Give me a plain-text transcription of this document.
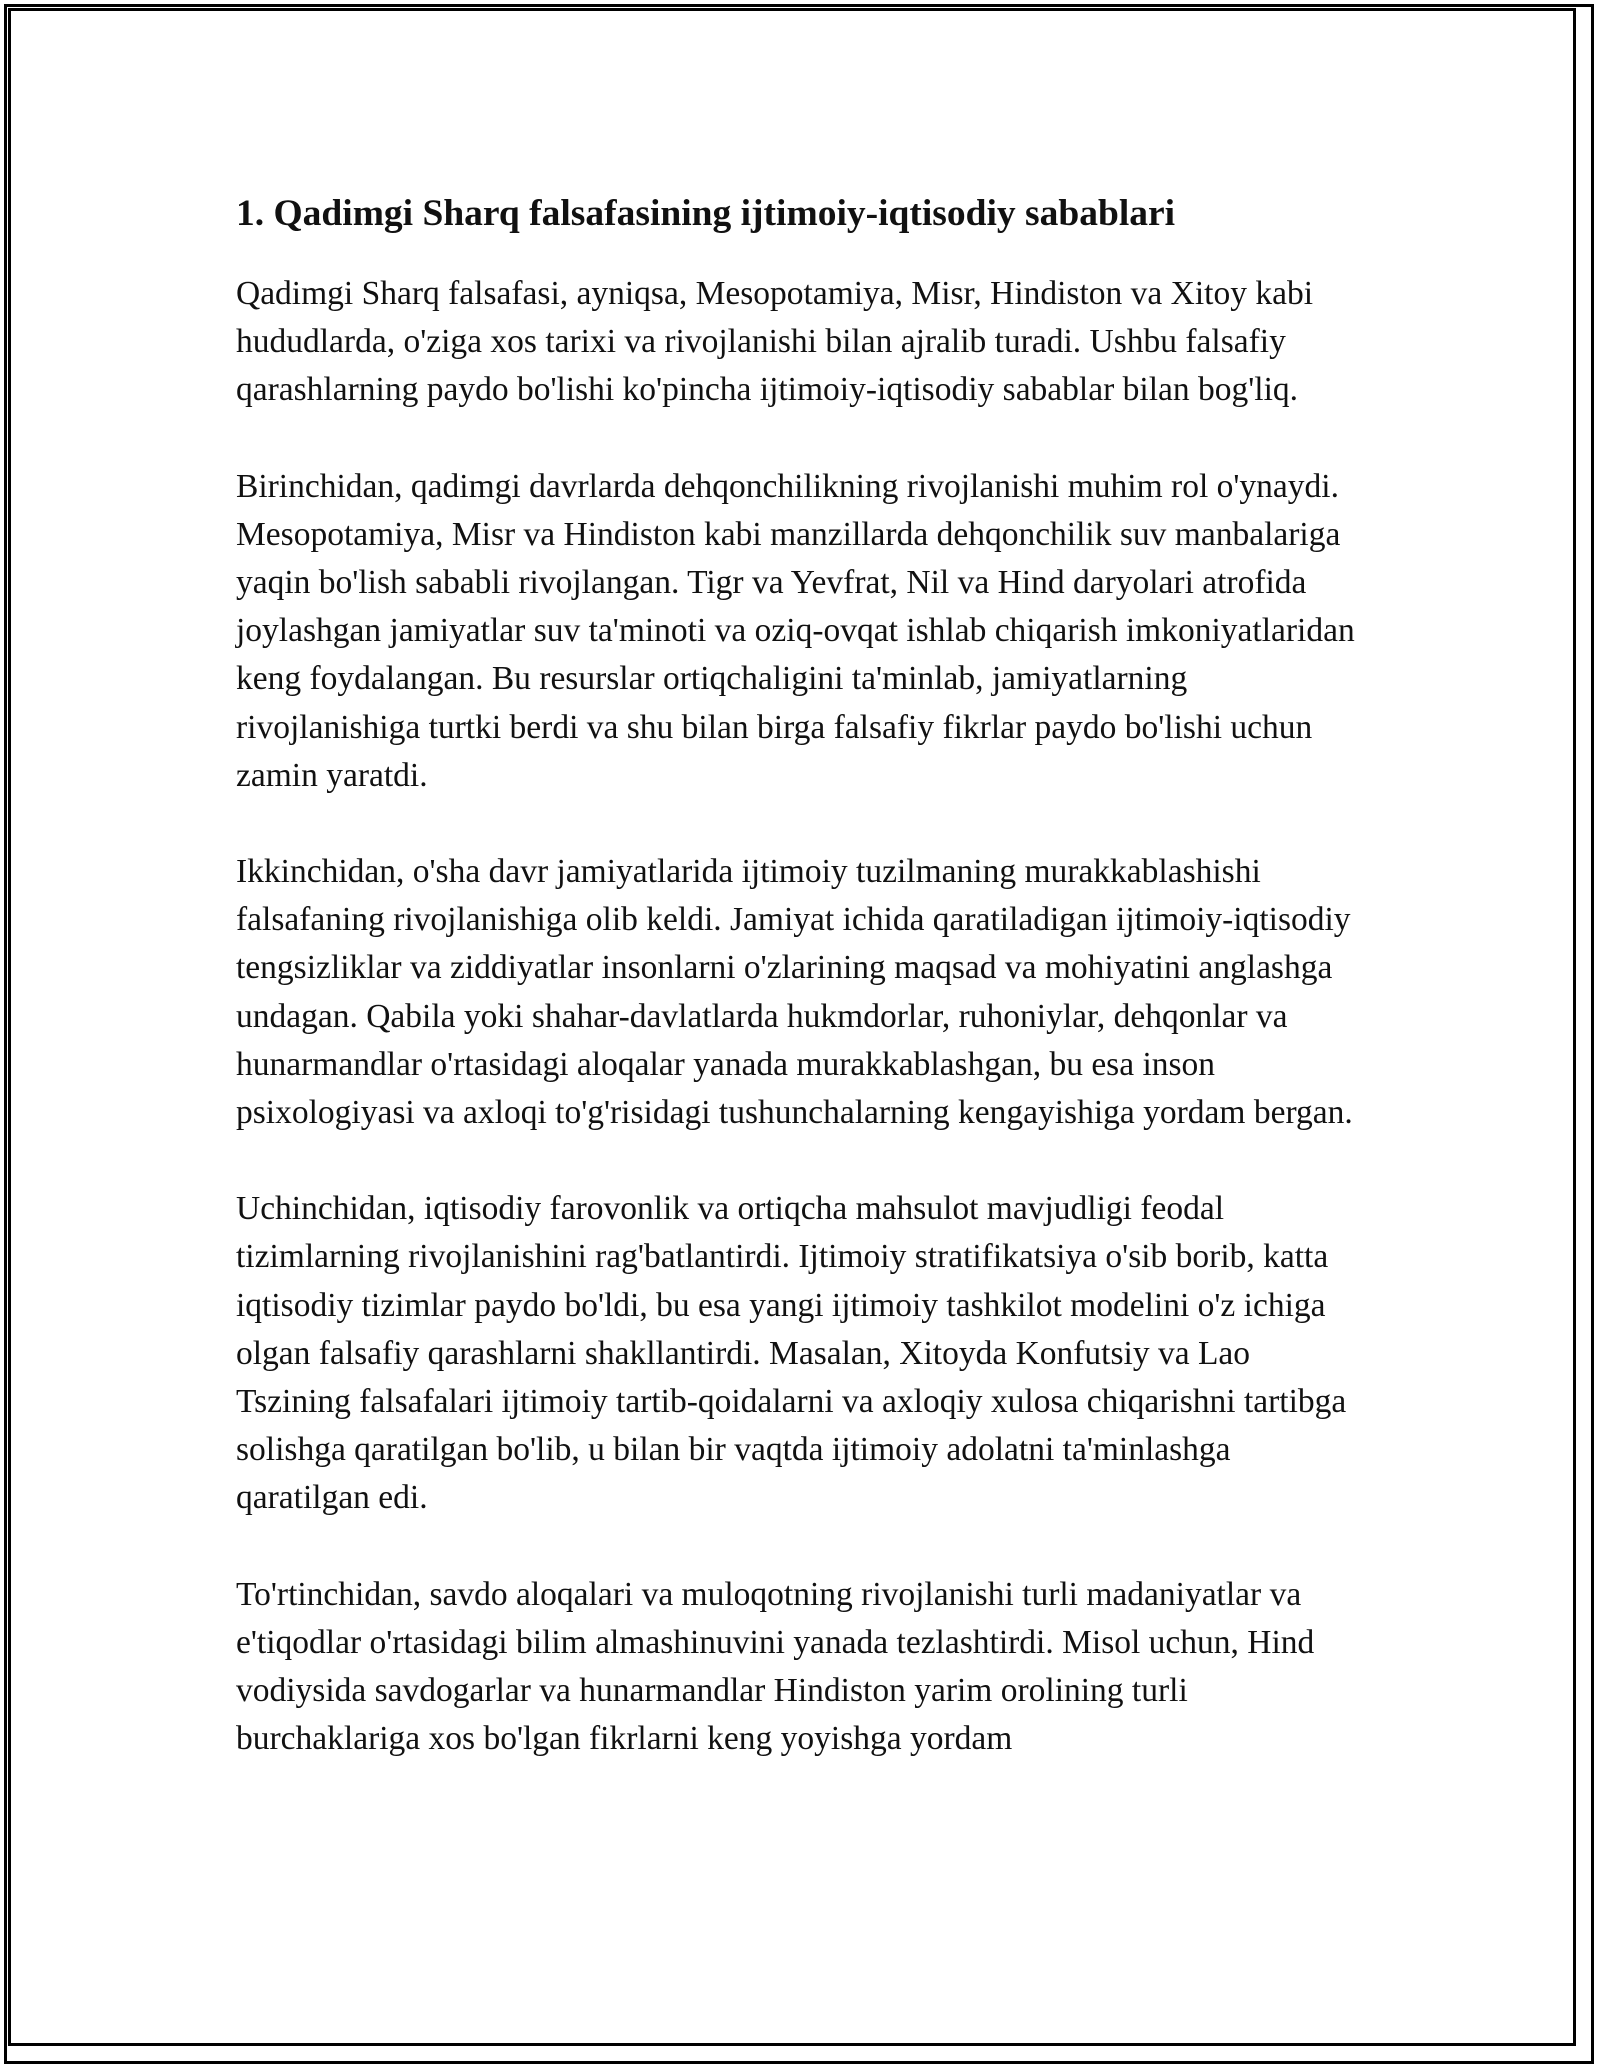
1. Qadimgi Sharq falsafasining ijtimoiy-iqtisodiy sabablari

Qadimgi Sharq falsafasi, ayniqsa, Mesopotamiya, Misr, Hindiston va Xitoy kabi hududlarda, o'ziga xos tarixi va rivojlanishi bilan ajralib turadi. Ushbu falsafiy qarashlarning paydo bo'lishi ko'pincha ijtimoiy-iqtisodiy sabablar bilan bog'liq.

Birinchidan, qadimgi davrlarda dehqonchilikning rivojlanishi muhim rol o'ynaydi. Mesopotamiya, Misr va Hindiston kabi manzillarda dehqonchilik suv manbalariga yaqin bo'lish sababli rivojlangan. Tigr va Yevfrat, Nil va Hind daryolari atrofida joylashgan jamiyatlar suv ta'minoti va oziq-ovqat ishlab chiqarish imkoniyatlaridan keng foydalangan. Bu resurslar ortiqchaligini ta'minlab, jamiyatlarning rivojlanishiga turtki berdi va shu bilan birga falsafiy fikrlar paydo bo'lishi uchun zamin yaratdi.

Ikkinchidan, o'sha davr jamiyatlarida ijtimoiy tuzilmaning murakkablashishi falsafaning rivojlanishiga olib keldi. Jamiyat ichida qaratiladigan ijtimoiy-iqtisodiy tengsizliklar va ziddiyatlar insonlarni o'zlarining maqsad va mohiyatini anglashga undagan. Qabila yoki shahar-davlatlarda hukmdorlar, ruhoniylar, dehqonlar va hunarmandlar o'rtasidagi aloqalar yanada murakkablashgan, bu esa inson psixologiyasi va axloqi to'g'risidagi tushunchalarning kengayishiga yordam bergan.

Uchinchidan, iqtisodiy farovonlik va ortiqcha mahsulot mavjudligi feodal tizimlarning rivojlanishini rag'batlantirdi. Ijtimoiy stratifikatsiya o'sib borib, katta iqtisodiy tizimlar paydo bo'ldi, bu esa yangi ijtimoiy tashkilot modelini o'z ichiga olgan falsafiy qarashlarni shakllantirdi. Masalan, Xitoyda Konfutsiy va Lao Tszining falsafalari ijtimoiy tartib-qoidalarni va axloqiy xulosa chiqarishni tartibga solishga qaratilgan bo'lib, u bilan bir vaqtda ijtimoiy adolatni ta'minlashga qaratilgan edi.

To'rtinchidan, savdo aloqalari va muloqotning rivojlanishi turli madaniyatlar va e'tiqodlar o'rtasidagi bilim almashinuvini yanada tezlashtirdi. Misol uchun, Hind vodiysida savdogarlar va hunarmandlar Hindiston yarim orolining turli burchaklariga xos bo'lgan fikrlarni keng yoyishga yordam
